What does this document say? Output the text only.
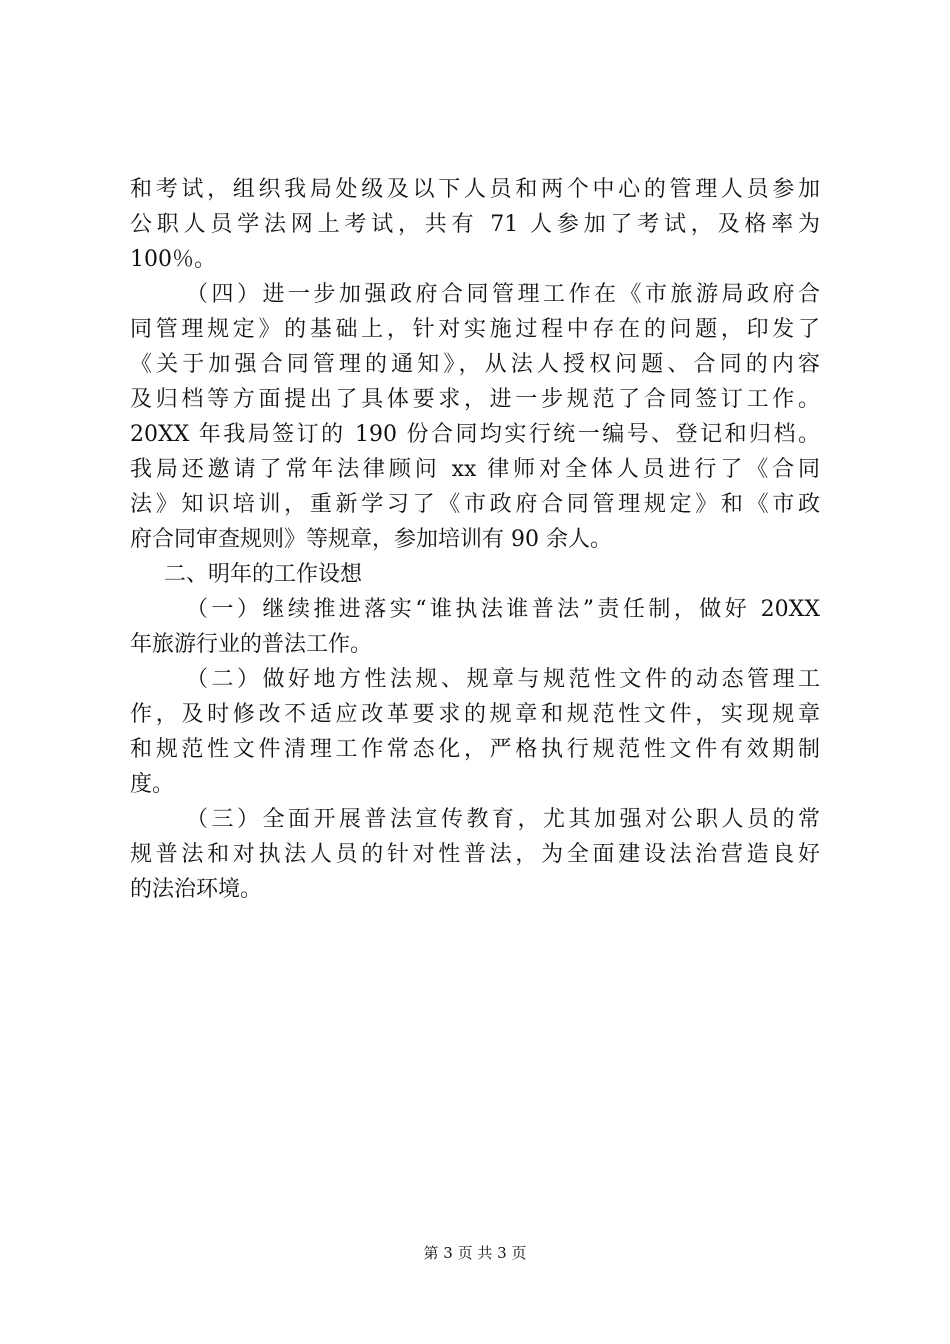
和考试，组织我局处级及以下人员和两个中心的管理人员参加
公职人员学法网上考试，共有 71 人参加了考试，及格率为
100％。
（四）进一步加强政府合同管理工作在《市旅游局政府合
同管理规定》的基础上，针对实施过程中存在的问题，印发了
《关于加强合同管理的通知》，从法人授权问题、合同的内容
及归档等方面提出了具体要求，进一步规范了合同签订工作。
20XX 年我局签订的 190 份合同均实行统一编号、登记和归档。
我局还邀请了常年法律顾问 xx 律师对全体人员进行了《合同
法》知识培训，重新学习了《市政府合同管理规定》和《市政
府合同审查规则》等规章，参加培训有 90 余人。
二、明年的工作设想
（一）继续推进落实“谁执法谁普法”责任制，做好 20XX
年旅游行业的普法工作。
（二）做好地方性法规、规章与规范性文件的动态管理工
作，及时修改不适应改革要求的规章和规范性文件，实现规章
和规范性文件清理工作常态化，严格执行规范性文件有效期制
度。
（三）全面开展普法宣传教育，尤其加强对公职人员的常
规普法和对执法人员的针对性普法，为全面建设法治营造良好
的法治环境。
第 3 页 共 3 页
